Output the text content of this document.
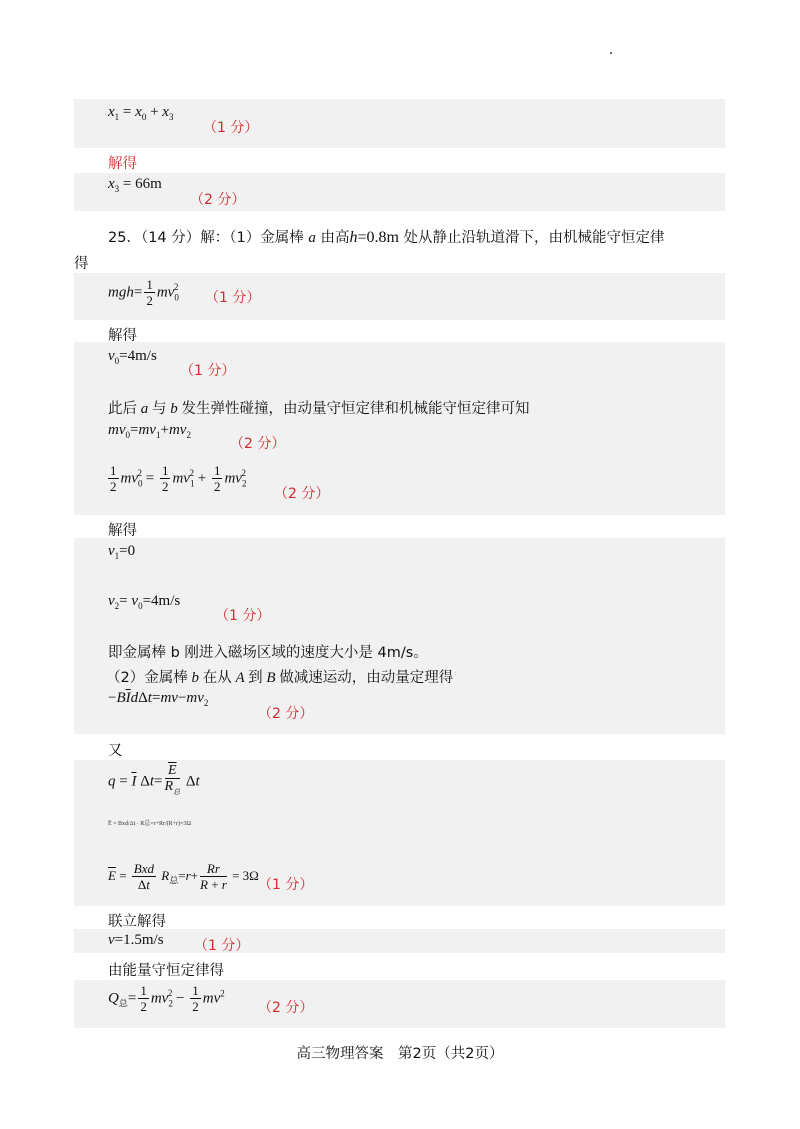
$x_1 = x_0 + x_3$
（1 分）
解得
$x_3 = 66m$
（2 分）
25．（14 分）解：（1）金属棒 a 由高h=0.8m 处从静止沿轨道滑下，由机械能守恒定律
得
$mgh= \frac{1}{2} mv_0^2$
（1 分）
解得
$v_0=4m/s$
（1 分）
此后 a 与 b 发生弹性碰撞，由动量守恒定律和机械能守恒定律可知
$mv_0=mv_1+mv_2$
（2 分）
$\frac{1}{2} mv_0^2 = \frac{1}{2} mv_1^2 + \frac{1}{2} mv_2^2$
（2 分）
解得
$v_1=0$
$v_2= v_0=4m/s$
（1 分）
即金属棒 b 刚进入磁场区域的速度大小是 4m/s。
（2）金属棒 b 在从 A 到 B 做减速运动，由动量定理得
$-B\overline{I}d\Delta t=mv-mv_2$
（2 分）
又
$q = \overline{I}$ $\Delta t= \frac{\overline{E}}{R_总}$ Δt
E̅ = Bxd/Δt · R总=r+Rr/(R+r)=3Ω
$\overline{E} = \frac{\text{Bxd}}{\Delta t} R_总=r+ \frac{Rr}{R + r} = 3\Omega$
（1 分）
联立解得
v=1.5m/s （1 分）
由能量守恒定律得
$Q_总= \frac{1}{2} mv_2^2 - \frac{1}{2} mv^2$
（2 分）
高三物理答案　第2页（共2页）
